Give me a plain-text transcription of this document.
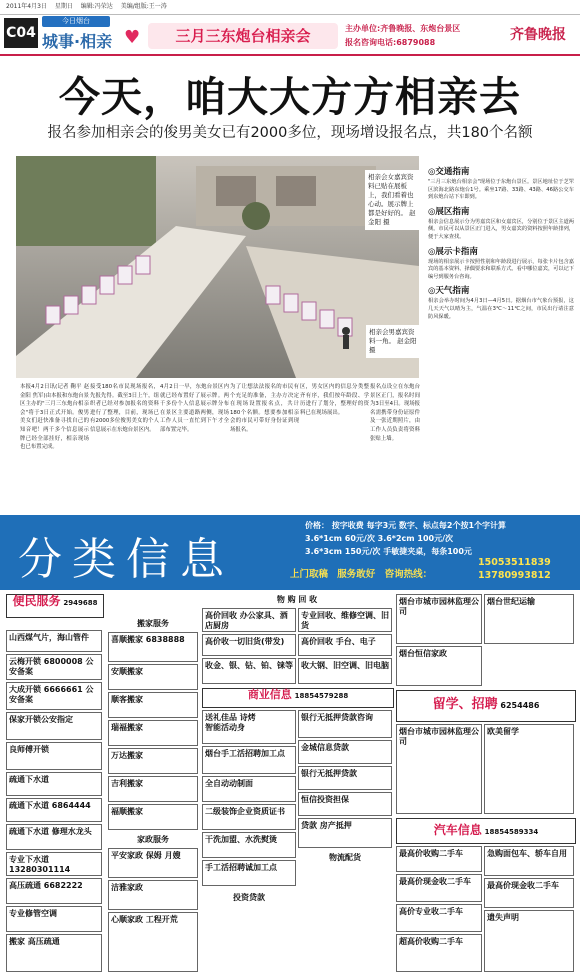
2011年4月3日 星期日 编辑:冯荣达 美编/组版:王一涛
C04
今日烟台
城事·相亲 ♥	三月三东炮台相亲会	主办单位:齐鲁晚报、东炮台景区
报名咨询电话:6879088	齐鲁晚报
今天，咱大大方方相亲去
报名参加相亲会的俊男美女已有2000多位，现场增设报名点，共180个名额
相亲会女嘉宾资料已贴在展板上，我们看着也心动。展示牌上都是好好的。 赵金阳 摄
相亲会男嘉宾资料一角。 赵金阳 摄

本报4月2日讯(记者 鞠平 赵金阳 焦军)由本报和东炮台景区主办的"三月三东炮台相亲会"将于3日正式开始。俊男美女们赶快准备寻找自己的知音吧！两千多个信息展示牌已经全部挂好，相亲现场也已布置完成。

接受180名市民现场报名，先报先得。截至3日上午，组织者已经对参加报名的资料进行了整理，目前，现场已有2000多位俊男美女的个人信息展示在东炮台景区内。

4月2日一早，东炮台景区内就已经布置好了展示牌。两千多份个人信息展示牌分布在景区主要道路两侧，现场工作人员一直忙到下午才全部布置完毕。

为了让想法法报名的市民有个充足的准备，主办方决定在现场设置报名点，共计180个名额。想要参加相亲会的市民可带好身份证到现场报名。

区，男女区内的信息分类整齐有序，我们按年龄段、学历进行了划分，整理好的资料已在现场展出。

报名点设立在东炮台景区正门，报名时间为3日至4日。现场报名需携带身份证原件及一张近期照片，由工作人员负责将资料张贴上墙。

◎交通指南

"三月三东炮台相亲会"现场位于东炮台景区。景区地址位于芝罘区滨海北路东炮台1号。乘坐17路、33路、43路、46路公交车到东炮台站下车即到。

◎展区指南

相亲会信息展示分为男嘉宾区和女嘉宾区，分别位于景区主道两侧。市民可以从景区正门进入，男女嘉宾的资料按照年龄排列，便于大家查找。

◎展示卡指南

现场的相亲展示卡按照性别和年龄段进行展示，每张卡片包含嘉宾的基本资料、择偶要求和联系方式。看中哪位嘉宾，可以记下编号到服务台咨询。

◎天气指南

相亲会举办时间为4月3日—4月5日。据烟台市气象台预报，这几天天气以晴为主，气温在3℃～11℃之间，市民出行请注意防风保暖。

分类信息
价格： 按字收费 每字3元 数字、标点每2个按1个字计算
3.6*1cm 60元/次 3.6*2cm 100元/次
3.6*3cm 150元/次 手敏捷夹桌，每条100元
上门取稿 服务敢好 咨询热线：
15053511839
13780993812
便民服务 2949688
山西煤气片，海山管件
云梅开锁 6800008 公安备案
大成开锁 6666661 公安备案
保家开锁公安指定
良师傅开锁
疏通下水道
疏通下水道 6864444
疏通下水道 修理水龙头
专业下水道 13280301114
高压疏通 6682222
专业修管空调
搬家 高压疏通
搬家服务
喜顺搬家 6838888
安顺搬家
顺客搬家
瑞福搬家
万达搬家
吉利搬家
福顺搬家
家政服务
平安家政 保姆 月嫂
洁雅家政
心顺家政 工程开荒
物 购 回 收
高价回收 办公家具、酒店厨房
高价收一切旧货(带发)
收金、银、钻、铂、铼等
专业回收、维修空调、旧货
高价回收 手台、电子
收大钢、旧空调、旧电脑
商业信息 18854579288
送礼佳品 诗烤
智能活动身
烟台手工活招聘加工点
全自动动制面
二级装饰企业资质证书
干洗加盟、水洗熨烫
手工活招聘诚加工点
投资贷款
银行无抵押贷款咨询
金城信息贷款
银行无抵押贷款
恒信投资担保
贷款 房产抵押
物流配货
烟台市城市园林监理公司
烟台世纪运输
烟台恒信家政
留学、招聘 6254486
欧美留学
烟台市城市园林监理公司
汽车信息 18854589334
最高价收购二手车
最高价现金收二手车
高价专业收二手车
超高价收购二手车
急购面包车、轿车自用
最高价现金收二手车
遗失声明
